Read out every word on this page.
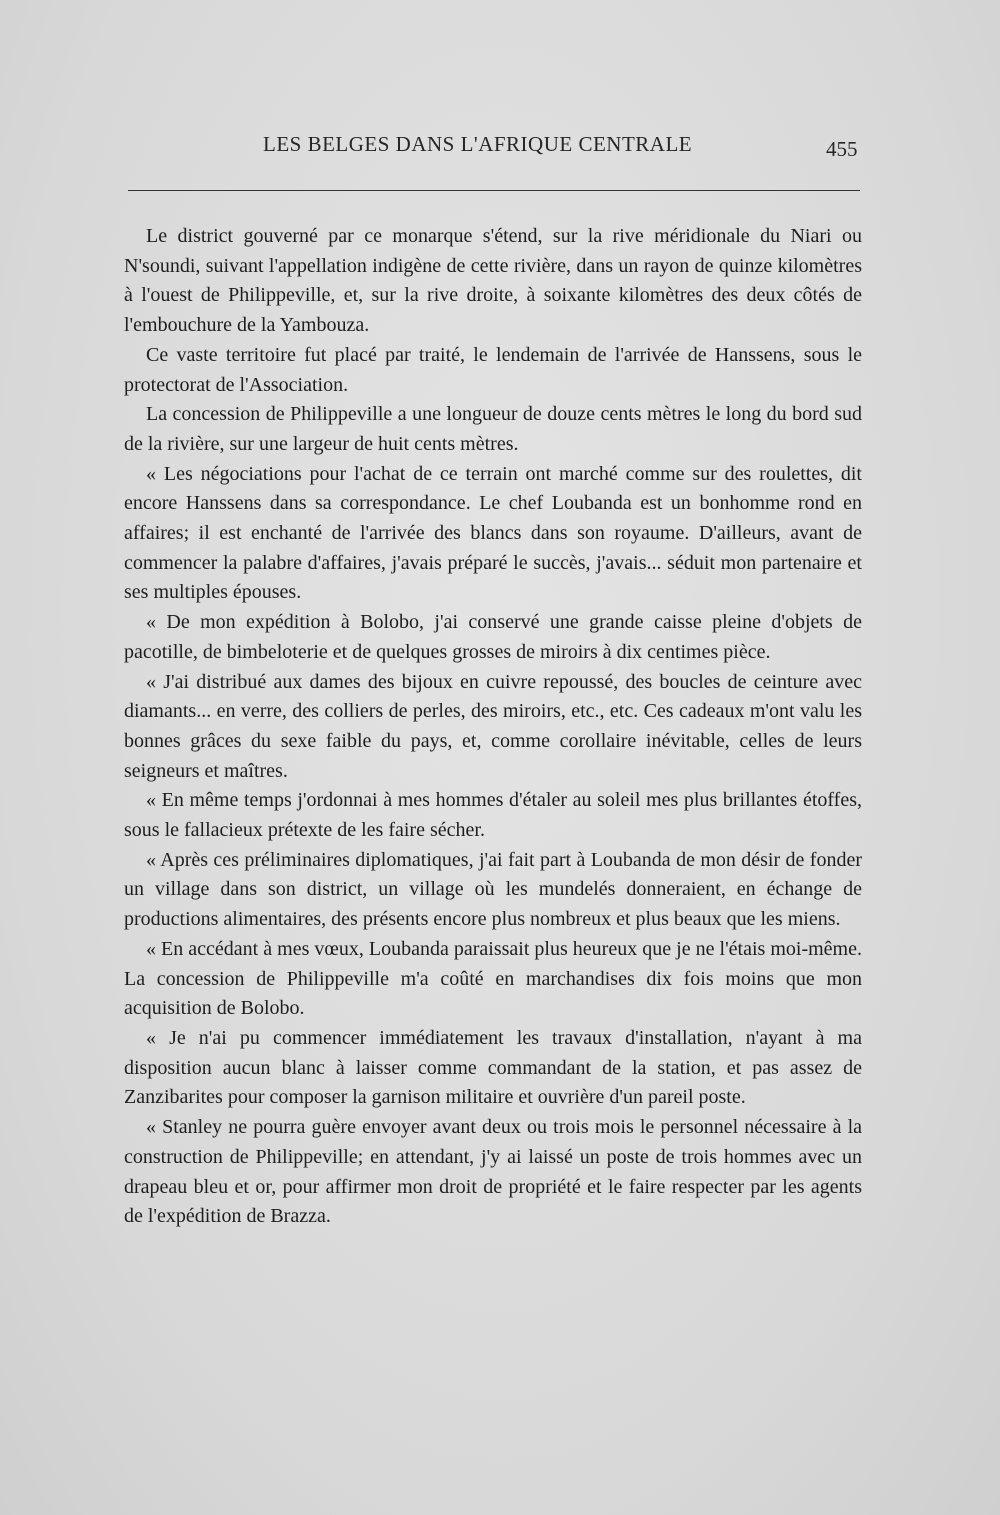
LES BELGES DANS L'AFRIQUE CENTRALE	455

Le district gouverné par ce monarque s'étend, sur la rive méridionale du Niari ou N'soundi, suivant l'appellation indigène de cette rivière, dans un rayon de quinze kilomètres à l'ouest de Philippeville, et, sur la rive droite, à soixante kilomètres des deux côtés de l'embouchure de la Yambouza.

Ce vaste territoire fut placé par traité, le lendemain de l'arrivée de Hanssens, sous le protectorat de l'Association.

La concession de Philippeville a une longueur de douze cents mètres le long du bord sud de la rivière, sur une largeur de huit cents mètres.

« Les négociations pour l'achat de ce terrain ont marché comme sur des roulettes, dit encore Hanssens dans sa correspondance. Le chef Loubanda est un bonhomme rond en affaires; il est enchanté de l'arrivée des blancs dans son royaume. D'ailleurs, avant de commencer la palabre d'affaires, j'avais préparé le succès, j'avais... séduit mon partenaire et ses multiples épouses.

« De mon expédition à Bolobo, j'ai conservé une grande caisse pleine d'objets de pacotille, de bimbeloterie et de quelques grosses de miroirs à dix centimes pièce.

« J'ai distribué aux dames des bijoux en cuivre repoussé, des boucles de ceinture avec diamants... en verre, des colliers de perles, des miroirs, etc., etc. Ces cadeaux m'ont valu les bonnes grâces du sexe faible du pays, et, comme corollaire inévitable, celles de leurs seigneurs et maîtres.

« En même temps j'ordonnai à mes hommes d'étaler au soleil mes plus brillantes étoffes, sous le fallacieux prétexte de les faire sécher.

« Après ces préliminaires diplomatiques, j'ai fait part à Loubanda de mon désir de fonder un village dans son district, un village où les mundelés donneraient, en échange de productions alimentaires, des présents encore plus nombreux et plus beaux que les miens.

« En accédant à mes vœux, Loubanda paraissait plus heureux que je ne l'étais moi-même. La concession de Philippeville m'a coûté en marchandises dix fois moins que mon acquisition de Bolobo.

« Je n'ai pu commencer immédiatement les travaux d'installation, n'ayant à ma disposition aucun blanc à laisser comme commandant de la station, et pas assez de Zanzibarites pour composer la garnison militaire et ouvrière d'un pareil poste.

« Stanley ne pourra guère envoyer avant deux ou trois mois le personnel nécessaire à la construction de Philippeville; en attendant, j'y ai laissé un poste de trois hommes avec un drapeau bleu et or, pour affirmer mon droit de propriété et le faire respecter par les agents de l'expédition de Brazza.
